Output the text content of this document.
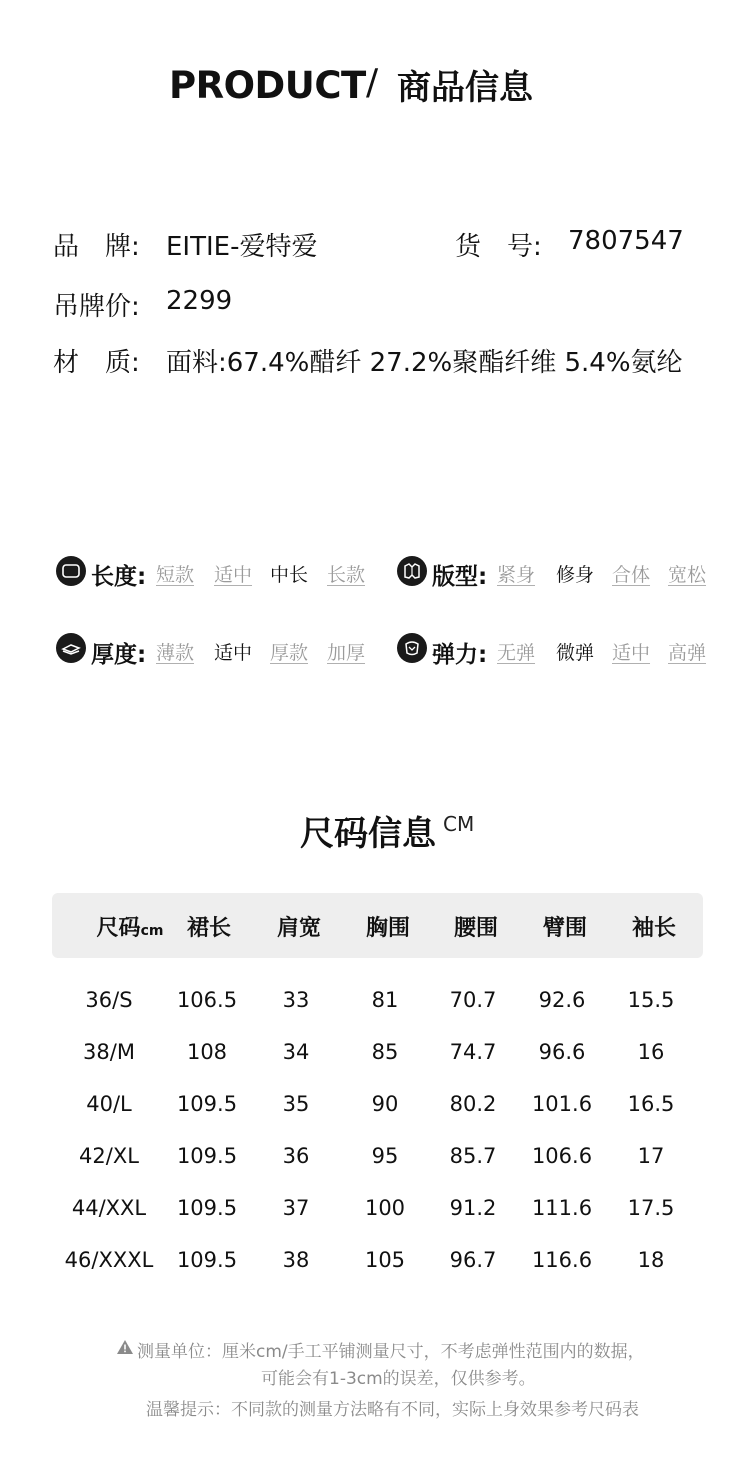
PRODUCT / 商品信息
品　牌: EITIE-爱特爱	货　号: 7807547
吊牌价: 2299
材　质: 面料:67.4%醋纤 27.2%聚酯纤维 5.4%氨纶
长度: 短款 适中 中长 长款	版型: 紧身 修身 合体 宽松
厚度: 薄款 适中 厚款 加厚	弹力: 无弹 微弹 适中 高弹
尺码信息 CM
尺码cm	裙长	肩宽	胸围	腰围	臂围	袖长
36/S	106.5	33	81	70.7	92.6	15.5
38/M	108	34	85	74.7	96.6	16
40/L	109.5	35	90	80.2	101.6	16.5
42/XL	109.5	36	95	85.7	106.6	17
44/XXL	109.5	37	100	91.2	111.6	17.5
46/XXXL	109.5	38	105	96.7	116.6	18
测量单位：厘米cm/手工平铺测量尺寸，不考虑弹性范围内的数据，
可能会有1-3cm的误差，仅供参考。
温馨提示：不同款的测量方法略有不同，实际上身效果参考尺码表
